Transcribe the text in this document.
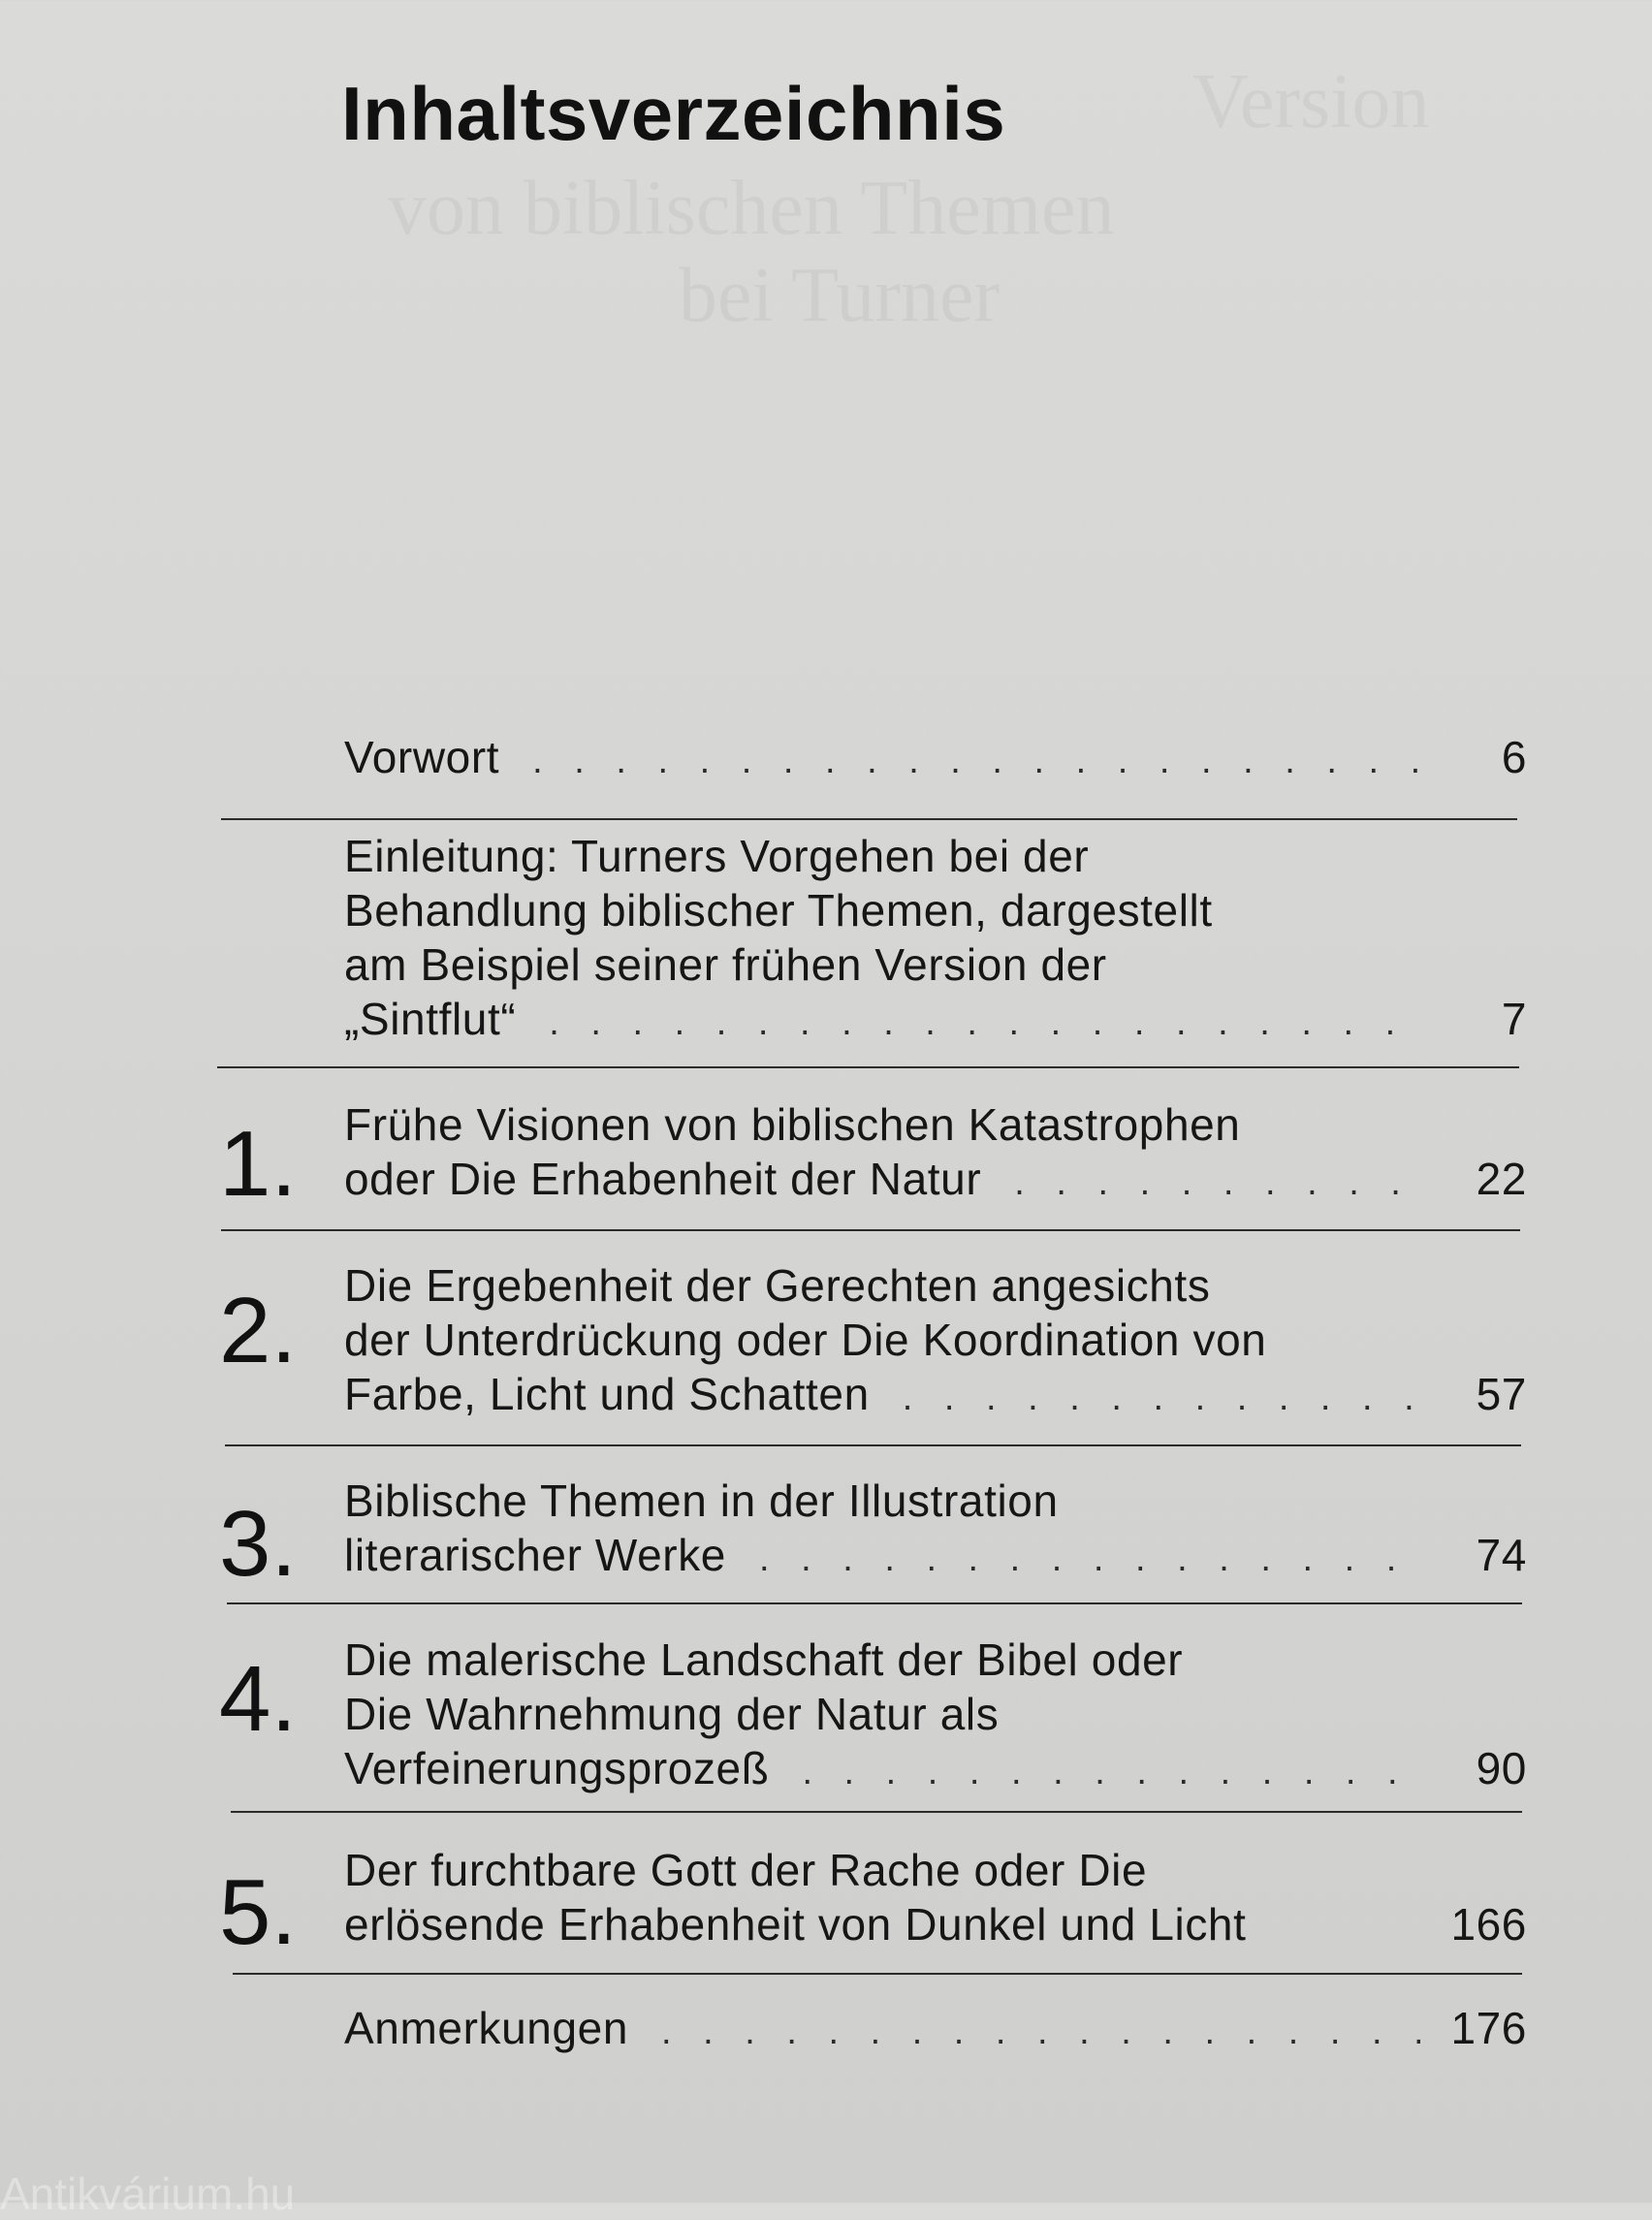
Inhaltsverzeichnis
Vorwort . . .	6
Einleitung: Turners Vorgehen bei der
Behandlung biblischer Themen, dargestellt
am Beispiel seiner frühen Version der
„Sintflut“ . . .	7
1. Frühe Visionen von biblischen Katastrophen
oder Die Erhabenheit der Natur . . .	22
2. Die Ergebenheit der Gerechten angesichts
der Unterdrückung oder Die Koordination von
Farbe, Licht und Schatten . . .	57
3. Biblische Themen in der Illustration
literarischer Werke . . .	74
4. Die malerische Landschaft der Bibel oder
Die Wahrnehmung der Natur als
Verfeinerungsprozeß . . .	90
5. Der furchtbare Gott der Rache oder Die
erlösende Erhabenheit von Dunkel und Licht	166
Anmerkungen . . .	176
Antikvárium.hu
